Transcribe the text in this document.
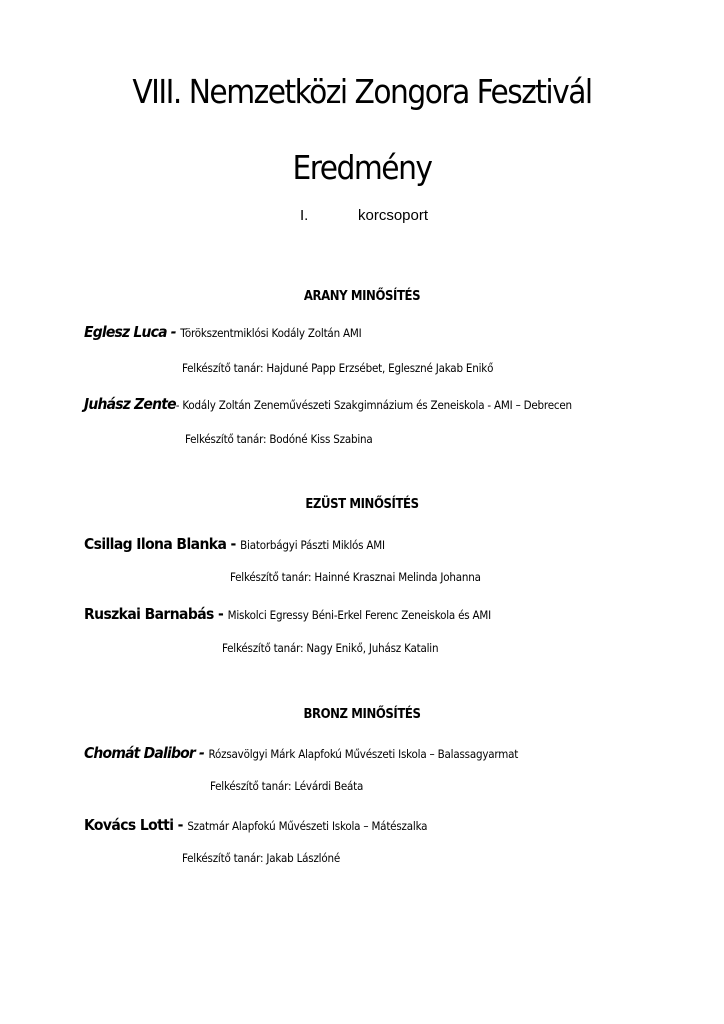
VIII. Nemzetközi Zongora Fesztivál
Eredmény
I.	korcsoport
ARANY MINŐSÍTÉS
Eglesz Luca - Törökszentmiklósi Kodály Zoltán AMI
Felkészítő tanár: Hajduné Papp Erzsébet, Egleszné Jakab Enikő
Juhász Zente- Kodály Zoltán Zeneművészeti Szakgimnázium és Zeneiskola - AMI – Debrecen
Felkészítő tanár: Bodóné Kiss Szabina
EZÜST MINŐSÍTÉS
Csillag Ilona Blanka - Biatorbágyi Pászti Miklós AMI
Felkészítő tanár: Hainné Krasznai Melinda Johanna
Ruszkai Barnabás - Miskolci Egressy Béni-Erkel Ferenc Zeneiskola és AMI
Felkészítő tanár: Nagy Enikő, Juhász Katalin
BRONZ MINŐSÍTÉS
Chomát Dalibor - Rózsavölgyi Márk Alapfokú Művészeti Iskola – Balassagyarmat
Felkészítő tanár: Lévárdi Beáta
Kovács Lotti - Szatmár Alapfokú Művészeti Iskola – Mátészalka
Felkészítő tanár: Jakab Lászlóné
